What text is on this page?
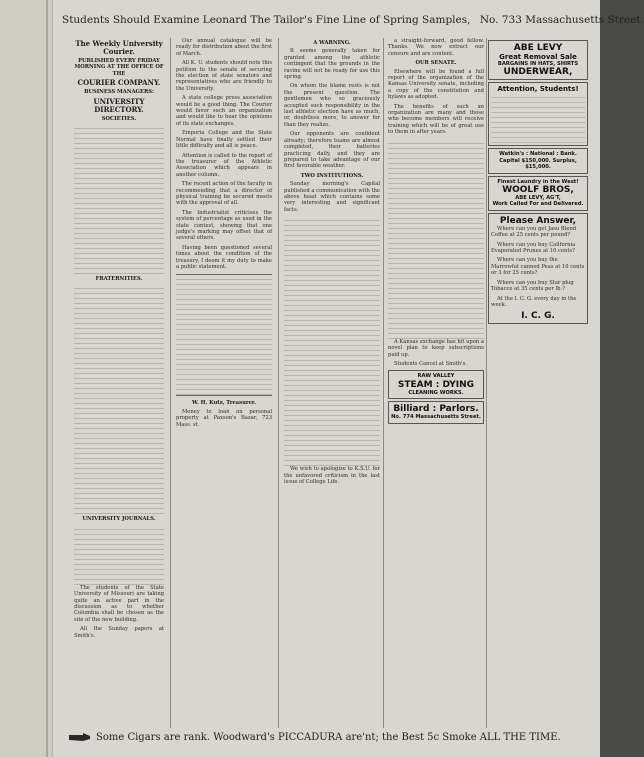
Students Should Examine Leonard The Tailor's Fine Line of Spring Samples, No. 733 Massachusetts Street.
The Weekly University Courier.
PUBLISHED EVERY FRIDAY MORNING AT THE OFFICE OF THE
COURIER COMPANY.
BUSINESS MANAGERS:
UNIVERSITY DIRECTORY.
SOCIETIES.
FRATERNITIES.
UNIVERSITY JOURNALS.

The students of the State University of Missouri are taking quite an active part in the discussion as to whether Columbia shall be chosen as the site of the new building.

All the Sunday papers at Smith's.

Our annual catalogue will be ready for distribution about the first of March.

All K. U. students should note this petition to the senate of securing the election of state senators and representatives who are friendly to the University.

A state college press association would be a good thing. The Courier would favor such an organization and would like to hear the opinions of its state exchanges.

Emporia College and the State Normal have finally settled their little difficulty and all is peace.

Attention is called to the report of the treasurer of the Athletic Association which appears in another column.

The recent action of the faculty in recommending that a director of physical training be secured meets with the approval of all.

The Industrialist criticises the system of percentage as used in the state contest, showing that one judge's marking may offset that of several others.

Having been questioned several times about the condition of the treasury, I deem it my duty to make a public statement.

W. H. Kutz, Treasurer.

Money to loan on personal property at Paxson's Bazar, 723 Mass. st.

A WARNING.

It seems generally taken for granted among the athletic contingent that the grounds in the ravine will not be ready for use this spring.

On whom the blame rests is not the present question. The gentlemen who so graciously accepted such responsibility in the last athletic election have as much, or, doubtless more, to answer for than they realize.

Our opponents are confident already; therefore teams are almost completed, their batteries practicing daily, and they are prepared to take advantage of our first favorable weather.

TWO INSTITUTIONS.

Sunday morning's Capital published a communication with the above head which contains some very interesting and significant facts.

We wish to apologize to K.S.U. for the unfavored criticism in the last issue of College Life.

a straight-forward, good fellow. Thanks. We now extract our censure and are content.

OUR SENATE.

Elsewhere will be found a full report of the organization of the Kansas University senate, including a copy of the constitution and bylaws as adopted.

The benefits of such an organization are many and those who become members will receive training which will be of great use to them in after years.

A Kansas exchange has hit upon a novel plan to keep subscriptions paid up.

Students Cancel at Smith's.

RAW VALLEY
STEAM : DYING
CLEANING WORKS.
Billiard : Parlors.
No. 774 Massachusetts Street.
ABE LEVY
Great Removal Sale
BARGAINS IN HATS, SHIRTS
UNDERWEAR,
Attention, Students!
Watkin's : National : Bank.
Capital $150,000. Surplus, $15,000.
Finest Laundry in the West!
WOOLF BROS,
ABE LEVY, AG'T,
Work Called For and Delivered.
Please Answer,

Where can you get Jasu Blend Coffee at 25 cents per pound?

Where can you buy California Evaporated Prunes at 10 cents?

Where can you buy the Marrowfat canned Peas at 10 cents or 3 for 25 cents?

Where can you buy Star plug Tobacco at 35 cents per lb.?

At the I. C. G. every day in the week.

I. C. G.
Some Cigars are rank. Woodward's PICCADURA are'nt; the Best 5c Smoke ALL THE TIME.
